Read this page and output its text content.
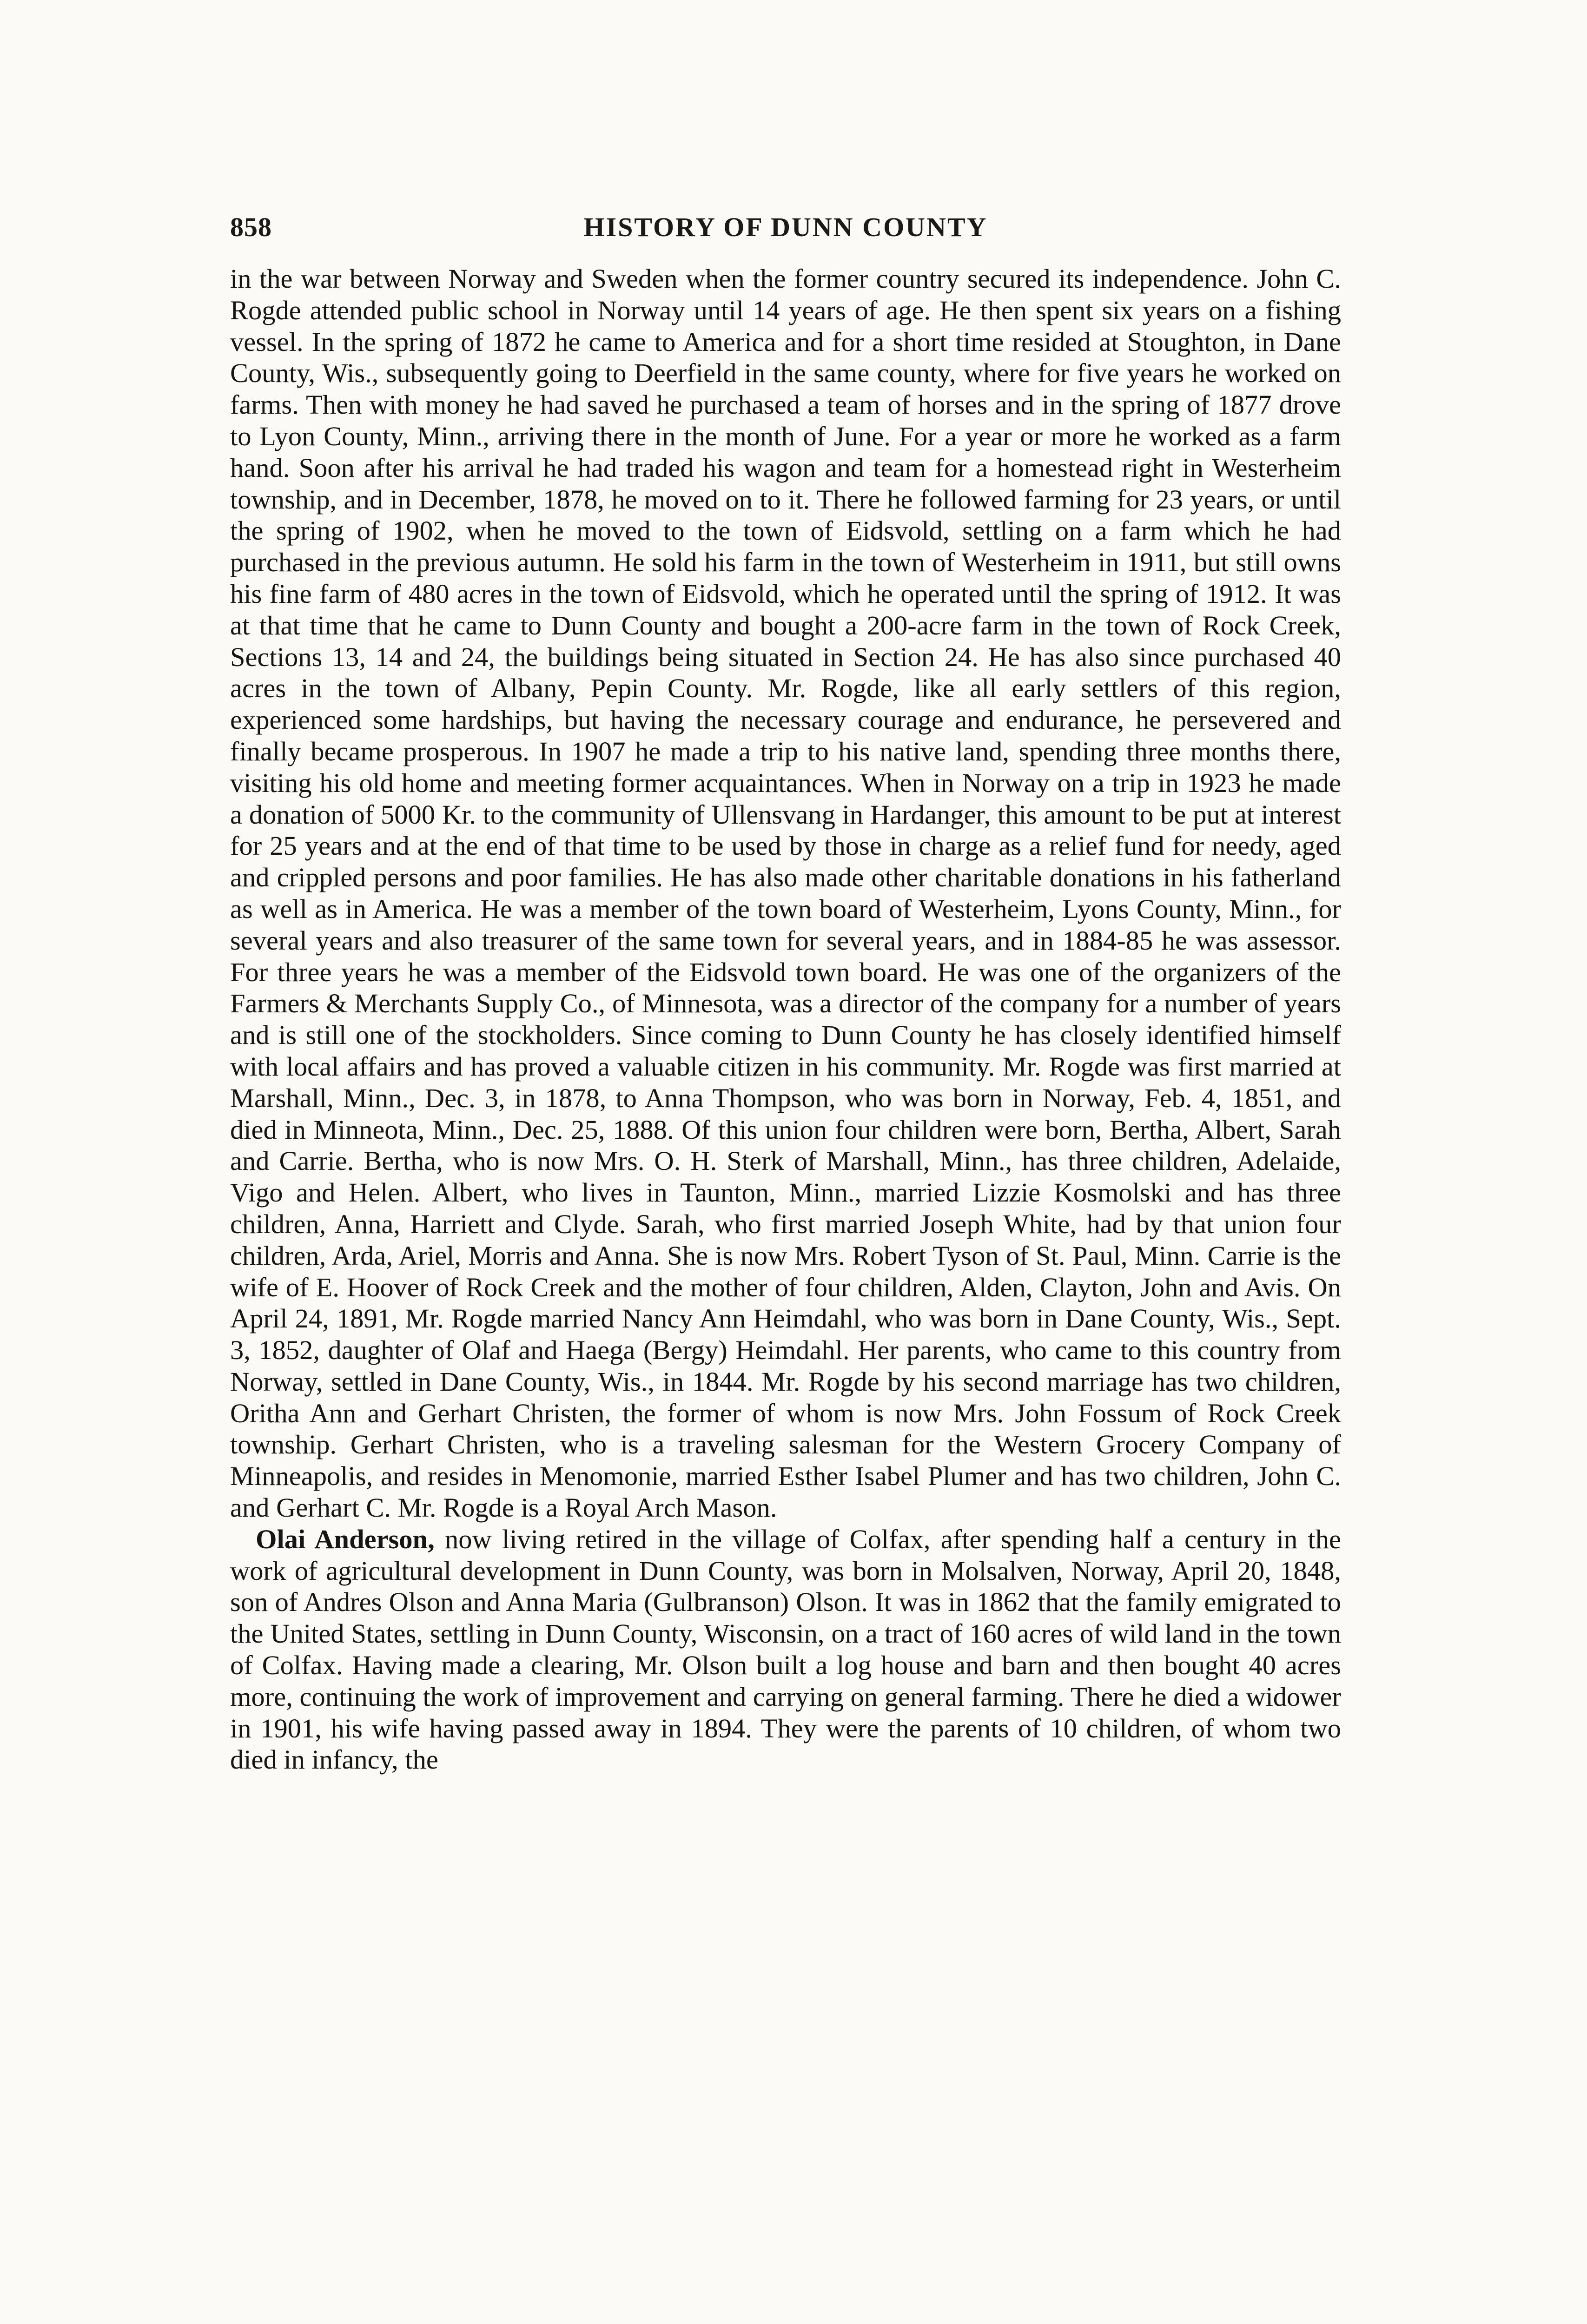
858	HISTORY OF DUNN COUNTY

in the war between Norway and Sweden when the former country secured its independence. John C. Rogde attended public school in Norway until 14 years of age. He then spent six years on a fishing vessel. In the spring of 1872 he came to America and for a short time resided at Stoughton, in Dane County, Wis., subsequently going to Deerfield in the same county, where for five years he worked on farms. Then with money he had saved he purchased a team of horses and in the spring of 1877 drove to Lyon County, Minn., arriving there in the month of June. For a year or more he worked as a farm hand. Soon after his arrival he had traded his wagon and team for a homestead right in Westerheim township, and in December, 1878, he moved on to it. There he followed farming for 23 years, or until the spring of 1902, when he moved to the town of Eidsvold, settling on a farm which he had purchased in the previous autumn. He sold his farm in the town of Westerheim in 1911, but still owns his fine farm of 480 acres in the town of Eidsvold, which he operated until the spring of 1912. It was at that time that he came to Dunn County and bought a 200-acre farm in the town of Rock Creek, Sections 13, 14 and 24, the buildings being situated in Section 24. He has also since purchased 40 acres in the town of Albany, Pepin County. Mr. Rogde, like all early settlers of this region, experienced some hardships, but having the necessary courage and endurance, he persevered and finally became prosperous. In 1907 he made a trip to his native land, spending three months there, visiting his old home and meeting former acquaintances. When in Norway on a trip in 1923 he made a donation of 5000 Kr. to the community of Ullensvang in Hardanger, this amount to be put at interest for 25 years and at the end of that time to be used by those in charge as a relief fund for needy, aged and crippled persons and poor families. He has also made other charitable donations in his fatherland as well as in America. He was a member of the town board of Westerheim, Lyons County, Minn., for several years and also treasurer of the same town for several years, and in 1884-85 he was assessor. For three years he was a member of the Eidsvold town board. He was one of the organizers of the Farmers & Merchants Supply Co., of Minnesota, was a director of the company for a number of years and is still one of the stockholders. Since coming to Dunn County he has closely identified himself with local affairs and has proved a valuable citizen in his community. Mr. Rogde was first married at Marshall, Minn., Dec. 3, in 1878, to Anna Thompson, who was born in Norway, Feb. 4, 1851, and died in Minneota, Minn., Dec. 25, 1888. Of this union four children were born, Bertha, Albert, Sarah and Carrie. Bertha, who is now Mrs. O. H. Sterk of Marshall, Minn., has three children, Adelaide, Vigo and Helen. Albert, who lives in Taunton, Minn., married Lizzie Kosmolski and has three children, Anna, Harriett and Clyde. Sarah, who first married Joseph White, had by that union four children, Arda, Ariel, Morris and Anna. She is now Mrs. Robert Tyson of St. Paul, Minn. Carrie is the wife of E. Hoover of Rock Creek and the mother of four children, Alden, Clayton, John and Avis. On April 24, 1891, Mr. Rogde married Nancy Ann Heimdahl, who was born in Dane County, Wis., Sept. 3, 1852, daughter of Olaf and Haega (Bergy) Heimdahl. Her parents, who came to this country from Norway, settled in Dane County, Wis., in 1844. Mr. Rogde by his second marriage has two children, Oritha Ann and Gerhart Christen, the former of whom is now Mrs. John Fossum of Rock Creek township. Gerhart Christen, who is a traveling salesman for the Western Grocery Company of Minneapolis, and resides in Menomonie, married Esther Isabel Plumer and has two children, John C. and Gerhart C. Mr. Rogde is a Royal Arch Mason.

Olai Anderson, now living retired in the village of Colfax, after spending half a century in the work of agricultural development in Dunn County, was born in Molsalven, Norway, April 20, 1848, son of Andres Olson and Anna Maria (Gulbranson) Olson. It was in 1862 that the family emigrated to the United States, settling in Dunn County, Wisconsin, on a tract of 160 acres of wild land in the town of Colfax. Having made a clearing, Mr. Olson built a log house and barn and then bought 40 acres more, continuing the work of improvement and carrying on general farming. There he died a widower in 1901, his wife having passed away in 1894. They were the parents of 10 children, of whom two died in infancy, the
